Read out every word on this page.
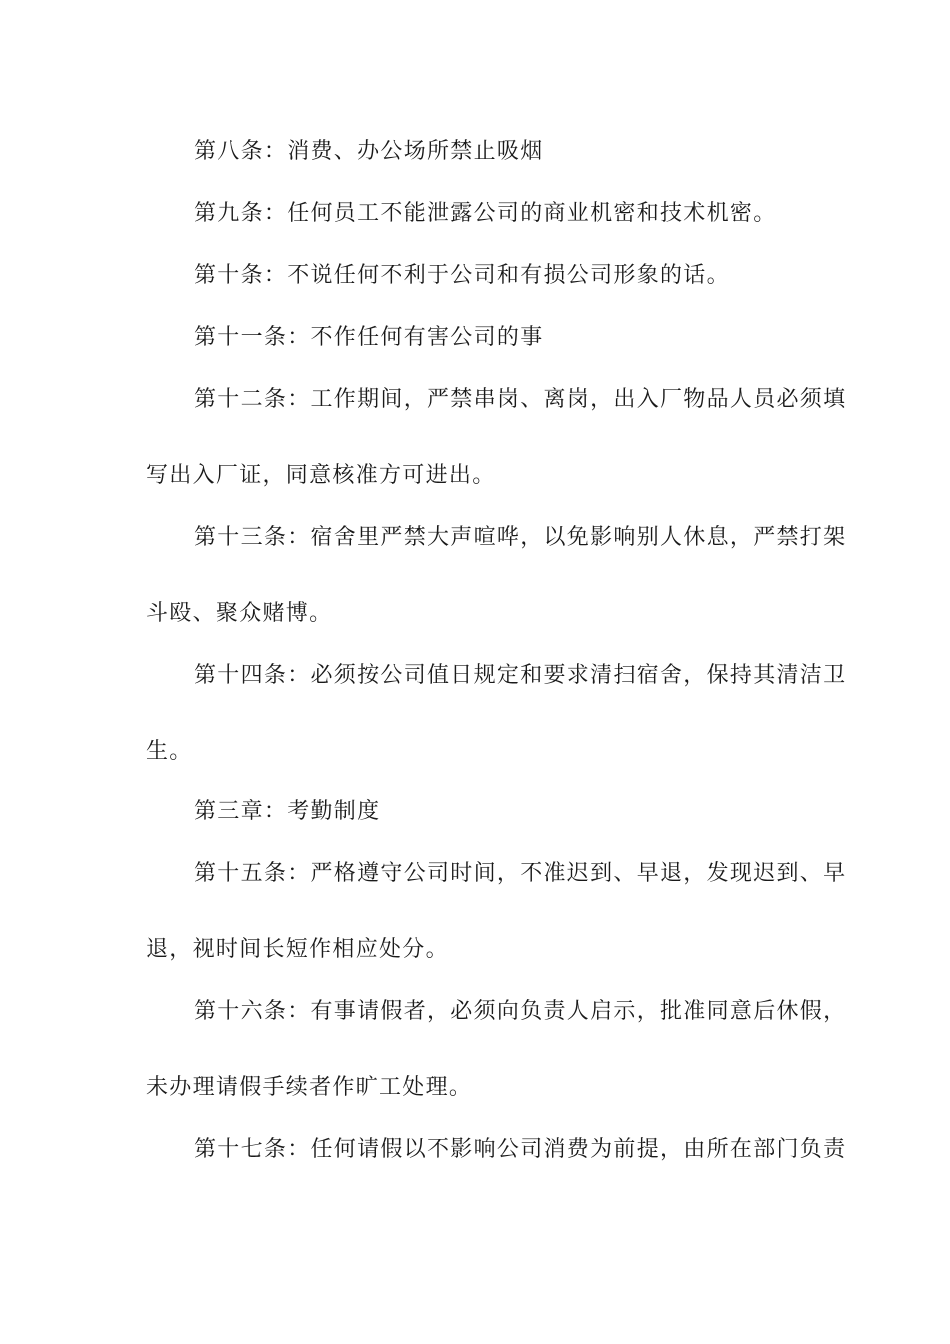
第八条：消费、办公场所禁止吸烟
第九条：任何员工不能泄露公司的商业机密和技术机密。
第十条：不说任何不利于公司和有损公司形象的话。
第十一条：不作任何有害公司的事
第十二条：工作期间，严禁串岗、离岗，出入厂物品人员必须填
写出入厂证，同意核准方可进出。
第十三条：宿舍里严禁大声喧哗，以免影响别人休息，严禁打架
斗殴、聚众赌博。
第十四条：必须按公司值日规定和要求清扫宿舍，保持其清洁卫
生。
第三章：考勤制度
第十五条：严格遵守公司时间，不准迟到、早退，发现迟到、早
退，视时间长短作相应处分。
第十六条：有事请假者，必须向负责人启示，批准同意后休假，
未办理请假手续者作旷工处理。
第十七条：任何请假以不影响公司消费为前提，由所在部门负责
